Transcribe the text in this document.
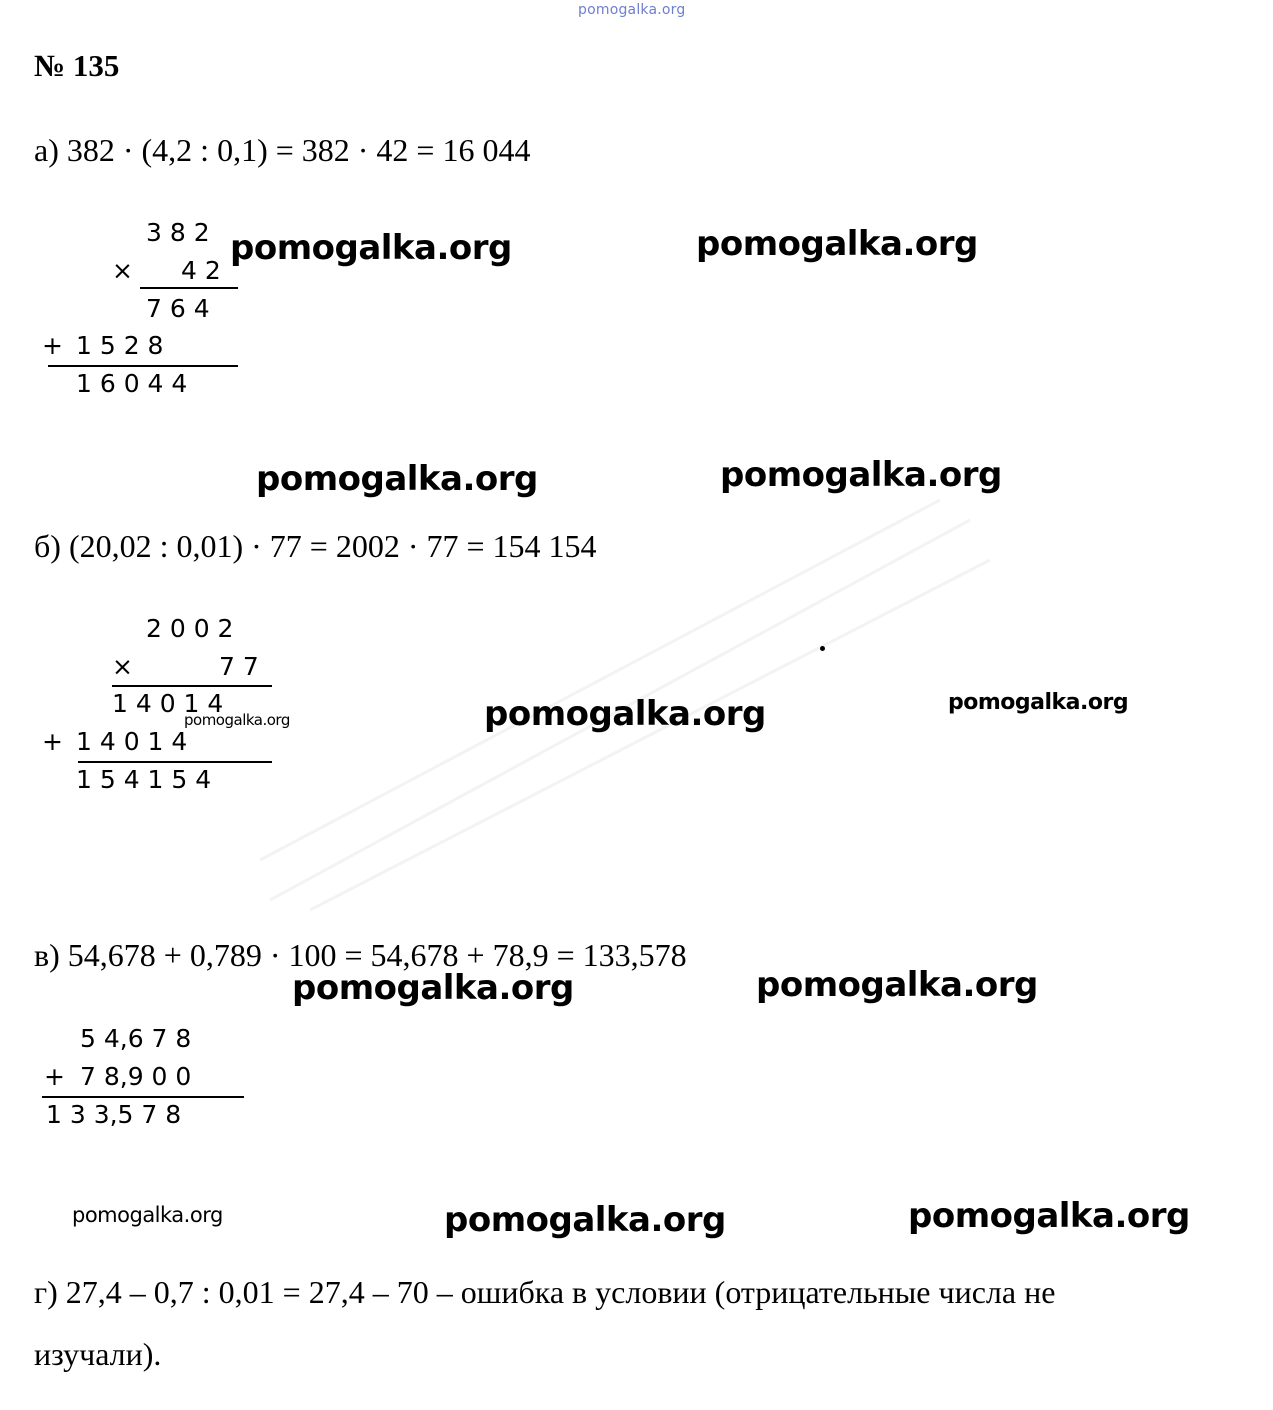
pomogalka.org
№ 135
а) 382 · (4,2 : 0,1) = 382 · 42 = 16 044
3 8 2
× 4 2
7 6 4
+ 1 5 2 8
1 6 0 4 4
pomogalka.org	pomogalka.org
pomogalka.org	pomogalka.org
б) (20,02 : 0,01) · 77 = 2002 · 77 = 154 154
2 0 0 2
×	7 7
1 4 0 1 4
+ 1 4 0 1 4
1 5 4 1 5 4
pomogalka.org	pomogalka.org	pomogalka.org
в) 54,678 + 0,789 · 100 = 54,678 + 78,9 = 133,578
pomogalka.org	pomogalka.org
5 4,6 7 8
+ 7 8,9 0 0
1 3 3,5 7 8
pomogalka.org	pomogalka.org	pomogalka.org
г) 27,4 – 0,7 : 0,01 = 27,4 – 70 – ошибка в условии (отрицательные числа не
изучали).
